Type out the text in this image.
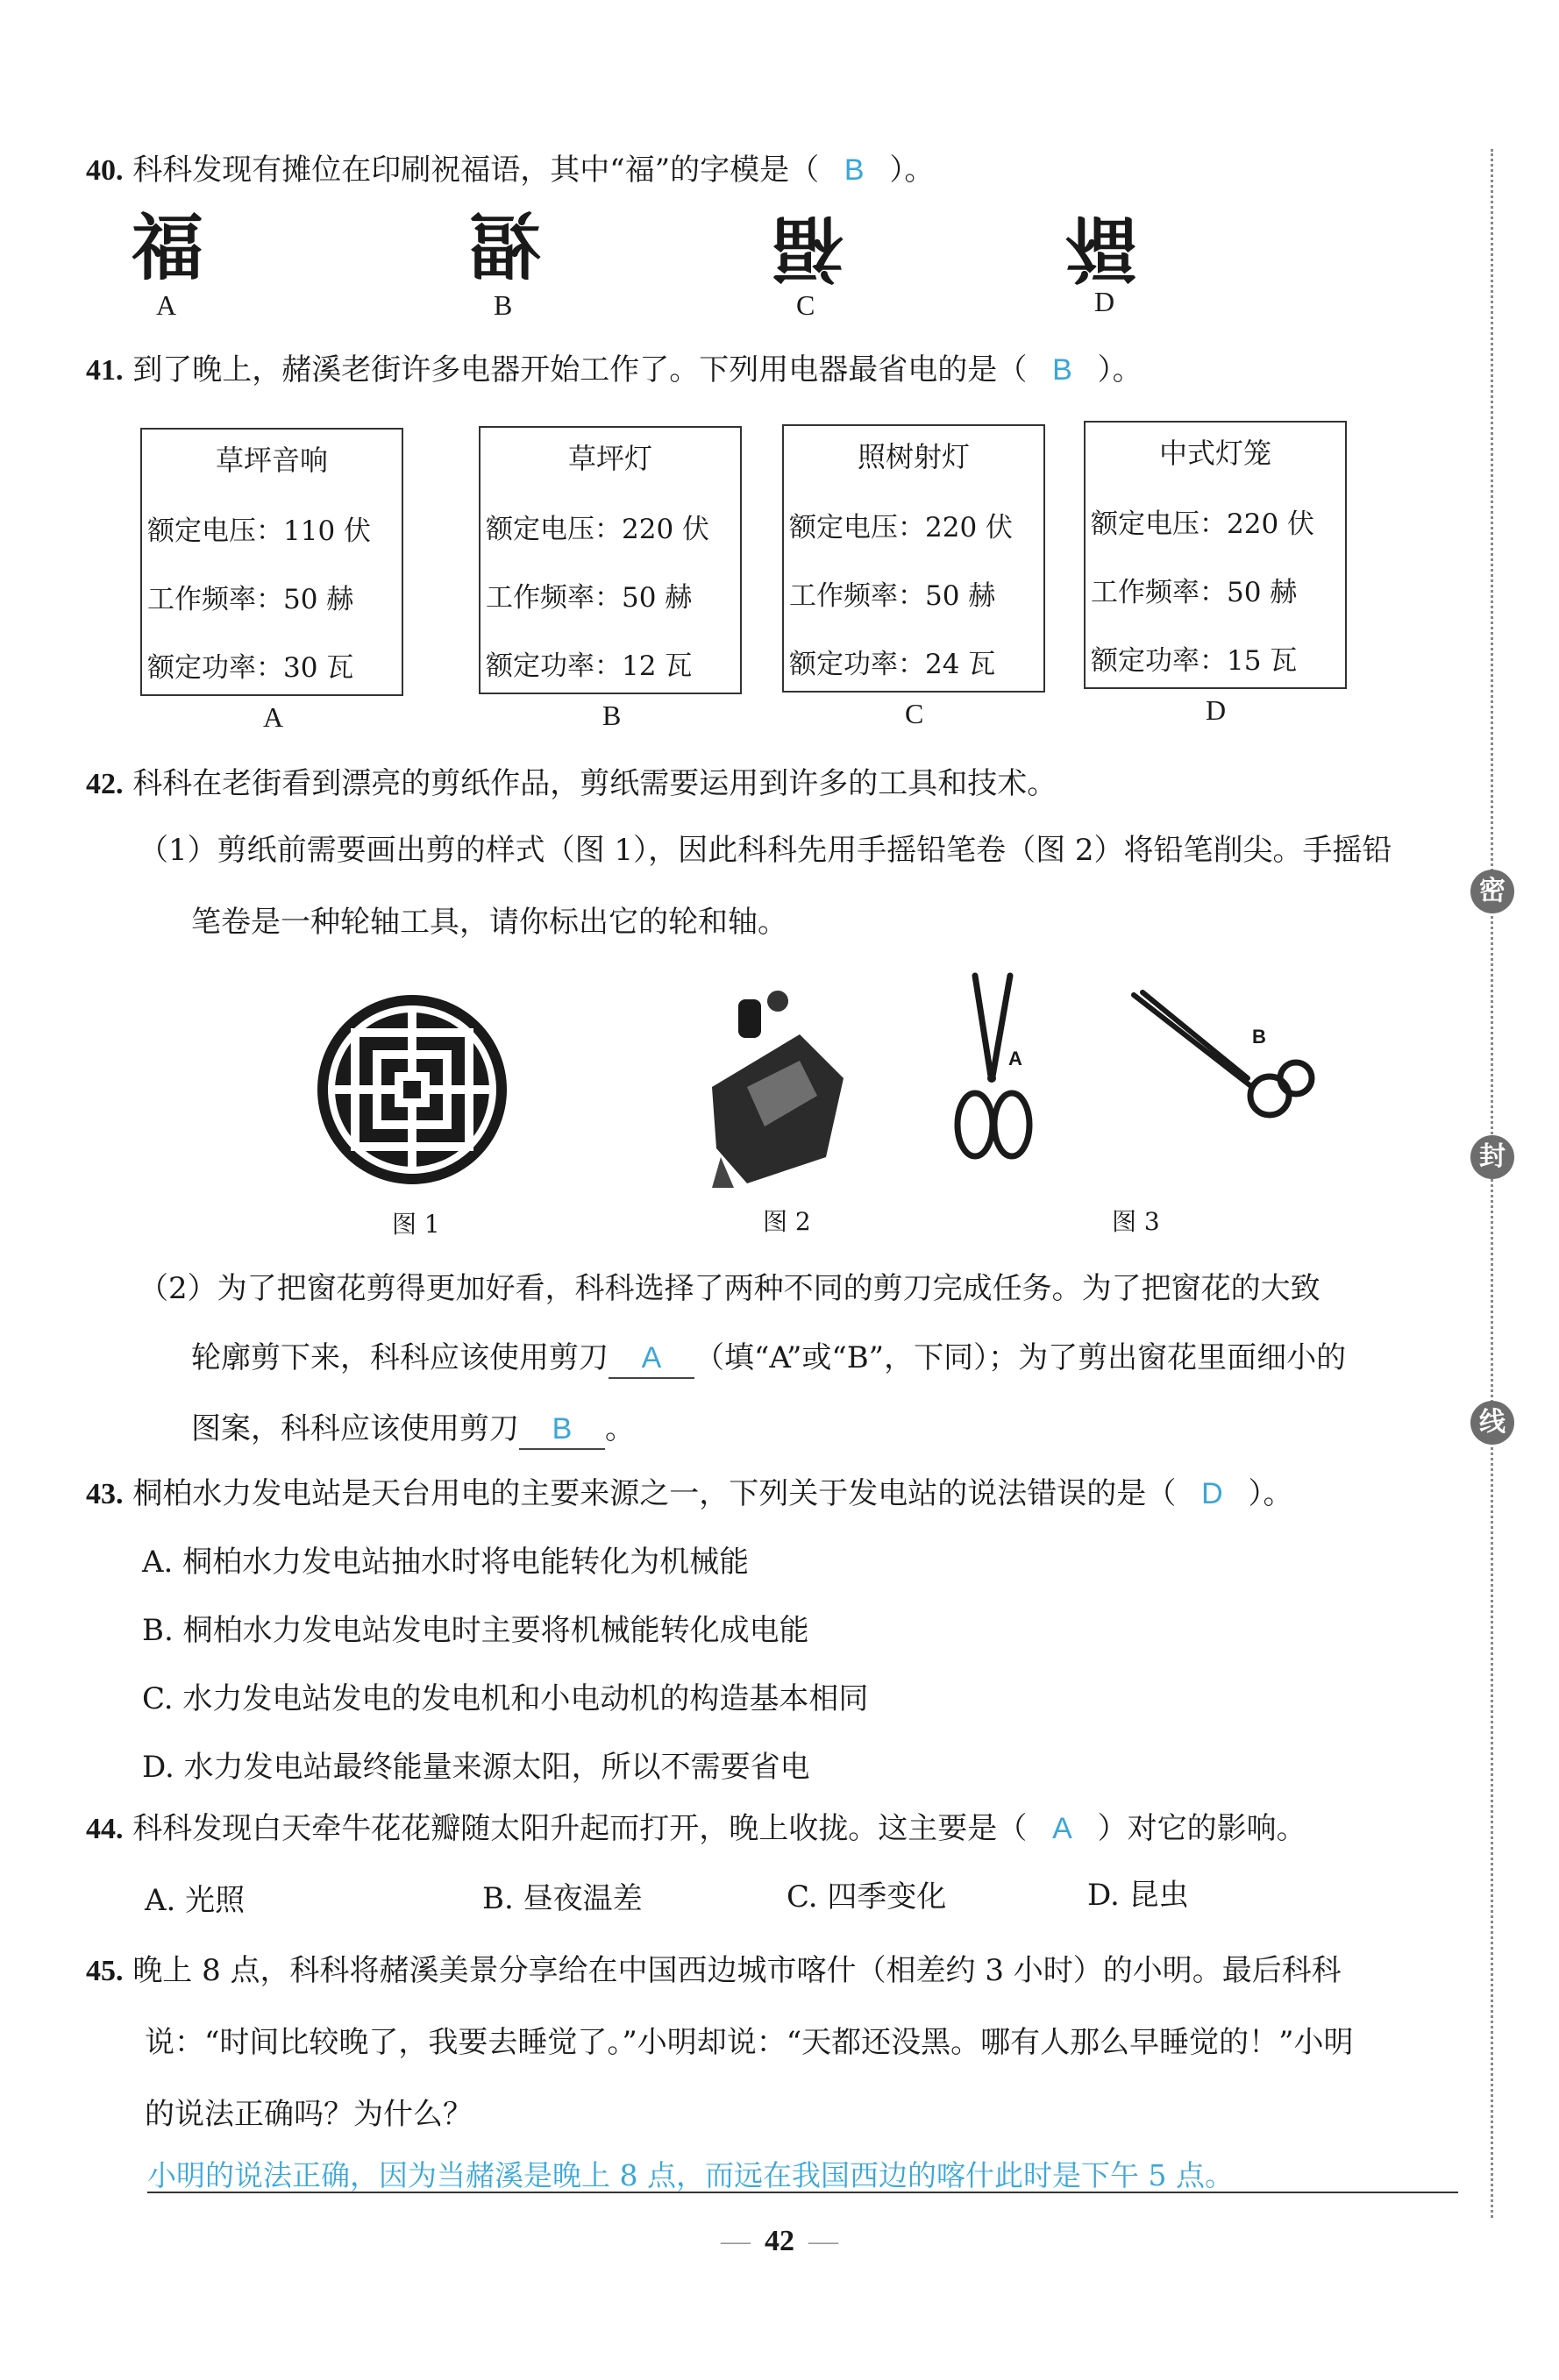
密
封
线
40. 科科发现有摊位在印刷祝福语，其中“福”的字模是（ B ）。
福	福	福	福
A	B	C	D
41. 到了晚上，赭溪老街许多电器开始工作了。下列用电器最省电的是（ B ）。
草坪音响
额定电压：110 伏
工作频率：50 赫
额定功率：30 瓦
草坪灯
额定电压：220 伏
工作频率：50 赫
额定功率：12 瓦
照树射灯
额定电压：220 伏
工作频率：50 赫
额定功率：24 瓦
中式灯笼
额定电压：220 伏
工作频率：50 赫
额定功率：15 瓦
A	B	C	D
42. 科科在老街看到漂亮的剪纸作品，剪纸需要运用到许多的工具和技术。
（1）剪纸前需要画出剪的样式（图 1），因此科科先用手摇铅笔卷（图 2）将铅笔削尖。手摇铅
笔卷是一种轮轴工具，请你标出它的轮和轴。
A
B
图 1	图 2	图 3
（2）为了把窗花剪得更加好看，科科选择了两种不同的剪刀完成任务。为了把窗花的大致
轮廓剪下来，科科应该使用剪刀 A （填“A”或“B”，下同）；为了剪出窗花里面细小的
图案，科科应该使用剪刀 B 。
43. 桐柏水力发电站是天台用电的主要来源之一，下列关于发电站的说法错误的是（ D ）。
A. 桐柏水力发电站抽水时将电能转化为机械能
B. 桐柏水力发电站发电时主要将机械能转化成电能
C. 水力发电站发电的发电机和小电动机的构造基本相同
D. 水力发电站最终能量来源太阳，所以不需要省电
44. 科科发现白天牵牛花花瓣随太阳升起而打开，晚上收拢。这主要是（ A ）对它的影响。
A. 光照	B. 昼夜温差	C. 四季变化	D. 昆虫
45. 晚上 8 点，科科将赭溪美景分享给在中国西边城市喀什（相差约 3 小时）的小明。最后科科
说：“时间比较晚了，我要去睡觉了。”小明却说：“天都还没黑。哪有人那么早睡觉的！”小明
的说法正确吗？为什么？
小明的说法正确，因为当赭溪是晚上 8 点，而远在我国西边的喀什此时是下午 5 点。
— 42 —
